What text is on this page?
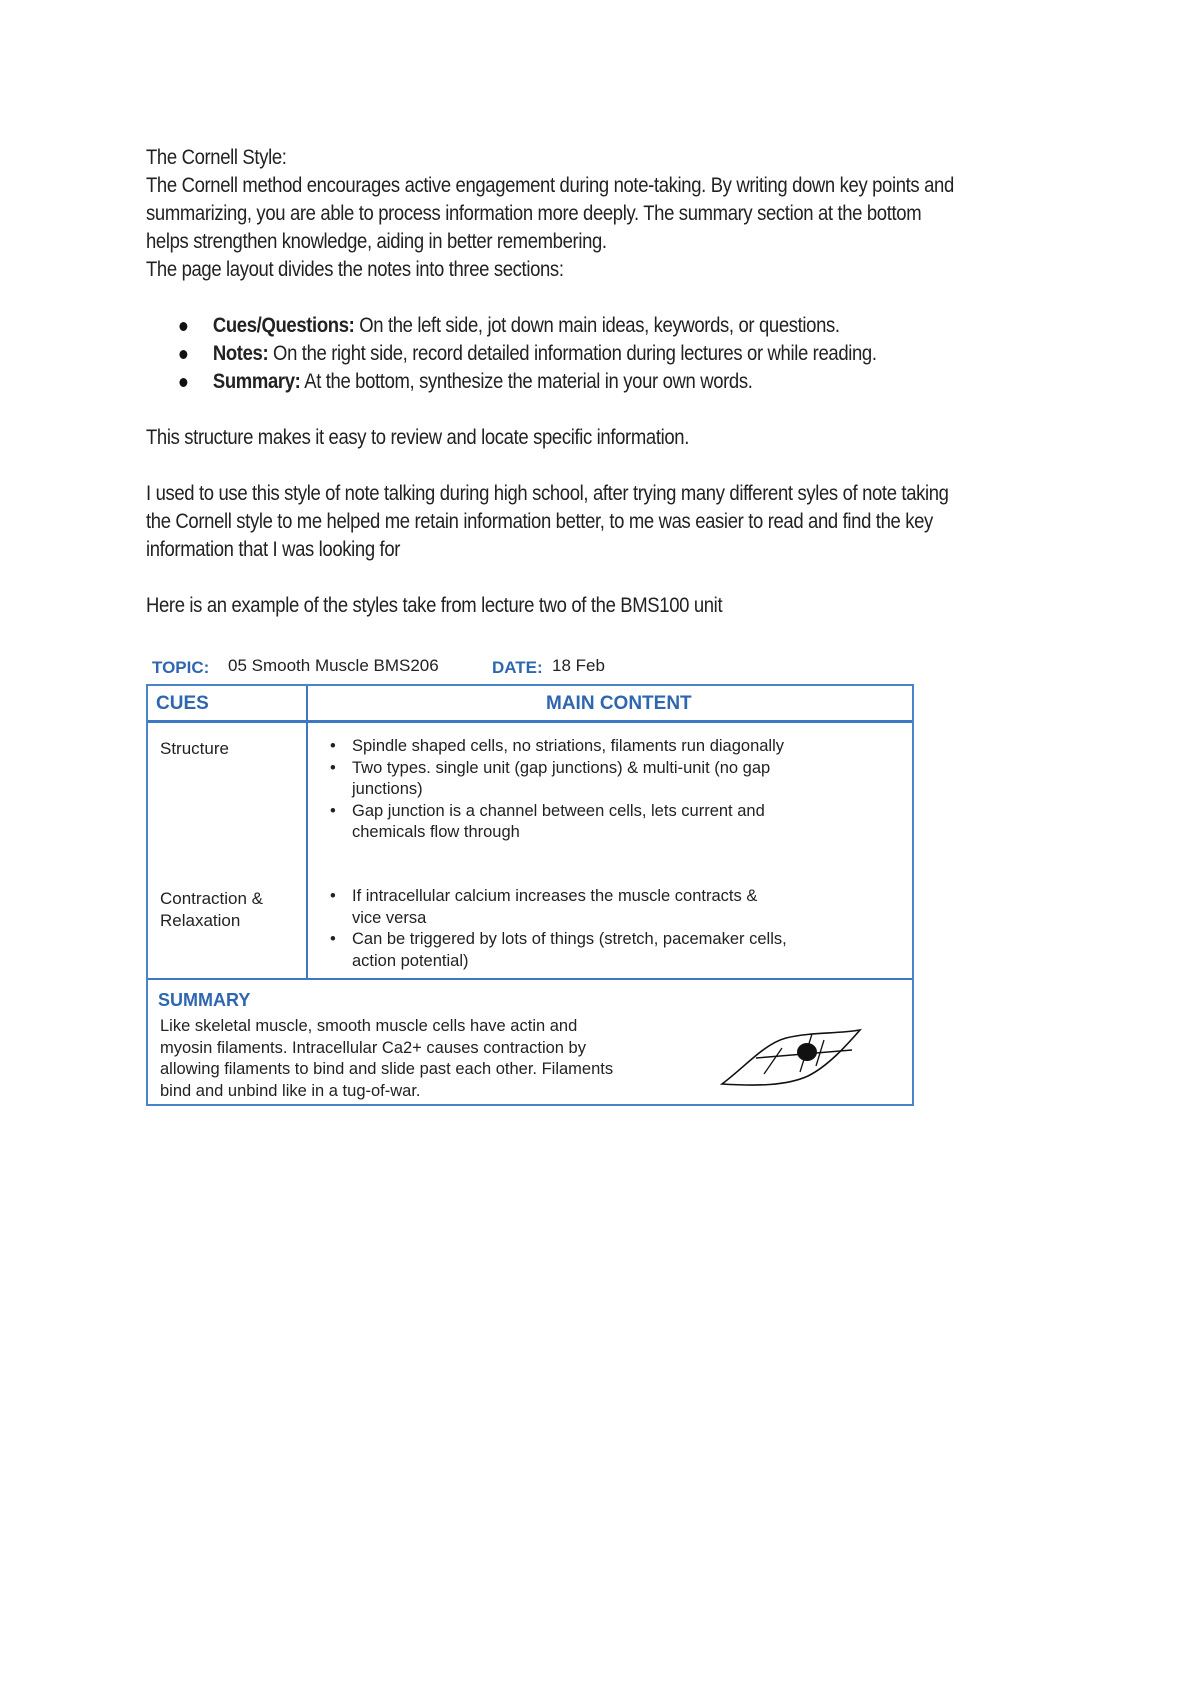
The Cornell Style:

The Cornell method encourages active engagement during note-taking. By writing down key points and

summarizing, you are able to process information more deeply. The summary section at the bottom

helps strengthen knowledge, aiding in better remembering.

The page layout divides the notes into three sections:

Cues/Questions: On the left side, jot down main ideas, keywords, or questions.
Notes: On the right side, record detailed information during lectures or while reading.
Summary: At the bottom, synthesize the material in your own words.

This structure makes it easy to review and locate specific information.

I used to use this style of note talking during high school, after trying many different syles of note taking

the Cornell style to me helped me retain information better, to me was easier to read and find the key

information that I was looking for

Here is an example of the styles take from lecture two of the BMS100 unit

TOPIC: 05 Smooth Muscle BMS206	DATE: 18 Feb
CUES	MAIN CONTENT
Structure
•	Spindle shaped cells, no striations, filaments run diagonally
• Two types. single unit (gap junctions) & multi-unit (no gap
junctions)
• Gap junction is a channel between cells, lets current and
chemicals flow through
Contraction &
Relaxation
• If intracellular calcium increases the muscle contracts &
vice versa
• Can be triggered by lots of things (stretch, pacemaker cells,
action potential)
SUMMARY
Like skeletal muscle, smooth muscle cells have actin and
myosin filaments. Intracellular Ca2+ causes contraction by
allowing filaments to bind and slide past each other. Filaments
bind and unbind like in a tug-of-war.
